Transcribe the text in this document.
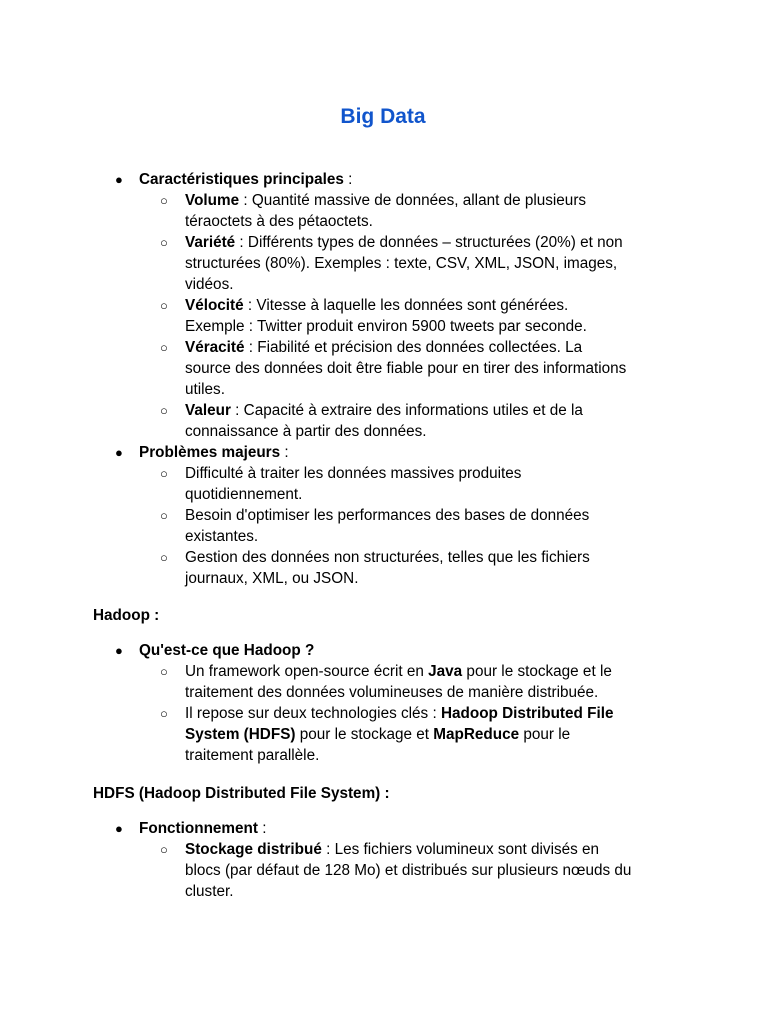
Big Data
● Caractéristiques principales :

○ Volume : Quantité massive de données, allant de plusieurs

téraoctets à des pétaoctets.

○ Variété : Différents types de données – structurées (20%) et non

structurées (80%). Exemples : texte, CSV, XML, JSON, images,

vidéos.

○ Vélocité : Vitesse à laquelle les données sont générées.

Exemple : Twitter produit environ 5900 tweets par seconde.

○ Véracité : Fiabilité et précision des données collectées. La

source des données doit être fiable pour en tirer des informations

utiles.

○ Valeur : Capacité à extraire des informations utiles et de la

connaissance à partir des données.

● Problèmes majeurs :

○ Difficulté à traiter les données massives produites

quotidiennement.

○ Besoin d'optimiser les performances des bases de données

existantes.

○ Gestion des données non structurées, telles que les fichiers

journaux, XML, ou JSON.

Hadoop :

● Qu'est-ce que Hadoop ?

○ Un framework open-source écrit en Java pour le stockage et le

traitement des données volumineuses de manière distribuée.

○ Il repose sur deux technologies clés : Hadoop Distributed File

System (HDFS) pour le stockage et MapReduce pour le

traitement parallèle.

HDFS (Hadoop Distributed File System) :

● Fonctionnement :

○ Stockage distribué : Les fichiers volumineux sont divisés en

blocs (par défaut de 128 Mo) et distribués sur plusieurs nœuds du

cluster.
